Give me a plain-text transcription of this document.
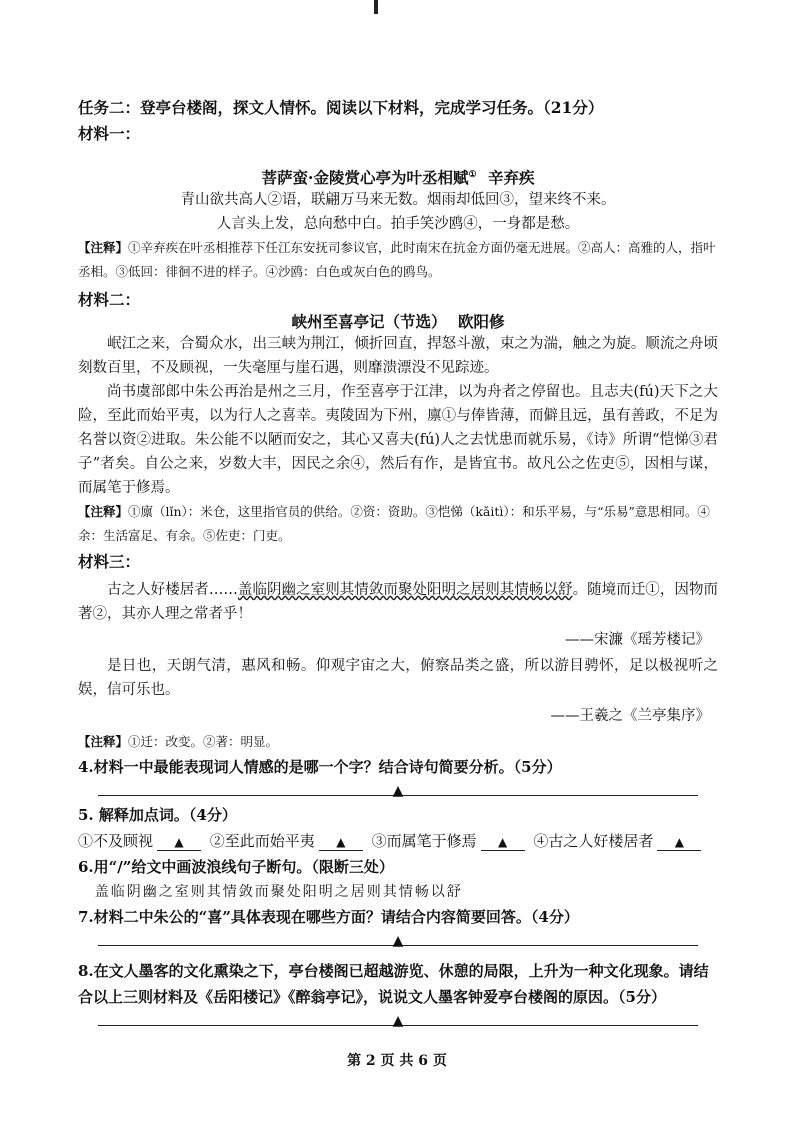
任务二：登亭台楼阁，探文人情怀。阅读以下材料，完成学习任务。（21分）
材料一：
菩萨蛮·金陵赏心亭为叶丞相赋① 辛弃疾
青山欲共高人②语，联翩万马来无数。烟雨却低回③，望来终不来。
人言头上发，总向愁中白。拍手笑沙鸥④，一身都是愁。
【注释】①辛弃疾在叶丞相推荐下任江东安抚司参议官，此时南宋在抗金方面仍毫无进展。②高人：高雅的人，指叶丞相。③低回：徘徊不进的样子。④沙鸥：白色或灰白色的鸥鸟。
材料二：
峡州至喜亭记（节选） 欧阳修
岷江之来，合蜀众水，出三峡为荆江，倾折回直，捍怒斗激，束之为湍，触之为旋。顺流之舟顷刻数百里，不及顾视，一失毫厘与崖石遇，则靡溃漂没不见踪迹。
尚书虞部郎中朱公再治是州之三月，作至喜亭于江津，以为舟者之停留也。且志夫(fú)天下之大险，至此而始平夷，以为行人之喜幸。夷陵固为下州，廪①与俸皆薄，而僻且远，虽有善政，不足为名誉以资②进取。朱公能不以陋而安之，其心又喜夫(fú)人之去忧患而就乐易，《诗》所谓“恺悌③君子”者矣。自公之来，岁数大丰，因民之余④，然后有作，是皆宜书。故凡公之佐吏⑤，因相与谋，而属笔于修焉。
【注释】①廪（lǐn）：米仓，这里指官员的供给。②资：资助。③恺悌（kǎitì）：和乐平易，与“乐易”意思相同。④余：生活富足、有余。⑤佐吏：门吏。
材料三：
古之人好楼居者……盖临阴幽之室则其情敛而聚处阳明之居则其情畅以舒。随境而迁①，因物而著②，其亦人理之常者乎！
——宋濂《瑶芳楼记》
是日也，天朗气清，惠风和畅。仰观宇宙之大，俯察品类之盛，所以游目骋怀，足以极视听之娱，信可乐也。
——王羲之《兰亭集序》
【注释】①迁：改变。②著：明显。
4.材料一中最能表现词人情感的是哪一个字？结合诗句简要分析。（5分）
▲
5. 解释加点词。（4分）
①不及顾视 ▲ ②至此而始平夷 ▲ ③而属笔于修焉 ▲ ④古之人好楼居者 ▲
6.用“/”给文中画波浪线句子断句。（限断三处）
盖临阴幽之室则其情敛而聚处阳明之居则其情畅以舒
7.材料二中朱公的“喜”具体表现在哪些方面？请结合内容简要回答。（4分）
▲
8.在文人墨客的文化熏染之下，亭台楼阁已超越游览、休憩的局限，上升为一种文化现象。请结合以上三则材料及《岳阳楼记》《醉翁亭记》，说说文人墨客钟爱亭台楼阁的原因。（5分）
▲
第 2 页 共 6 页
